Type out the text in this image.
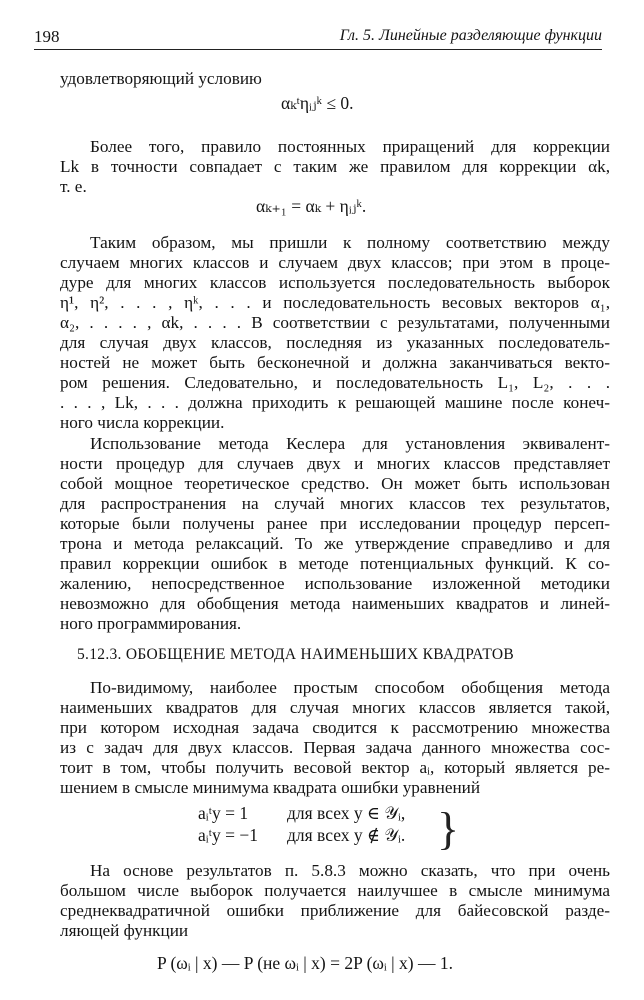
198	Гл. 5. Линейные разделяющие функции
удовлетворяющий условию
αₖᵗηᵢⱼᵏ ≤ 0.
Более того, правило постоянных приращений для коррекции
Lk в точности совпадает с таким же правилом для коррекции αk,
т. е.
αₖ₊₁ = αₖ + ηᵢⱼᵏ.
Таким образом, мы пришли к полному соответствию между
случаем многих классов и случаем двух классов; при этом в проце-
дуре для многих классов используется последовательность выборок
η¹, η², . . . , ηᵏ, . . . и последовательность весовых векторов α₁,
α₂, . . . . , αk, . . . . В соответствии с результатами, полученными
для случая двух классов, последняя из указанных последователь-
ностей не может быть бесконечной и должна заканчиваться векто-
ром решения. Следовательно, и последовательность L₁, L₂, . . .
. . . , Lk, . . . должна приходить к решающей машине после конеч-
ного числа коррекции.
Использование метода Кеслера для установления эквивалент-
ности процедур для случаев двух и многих классов представляет
собой мощное теоретическое средство. Он может быть использован
для распространения на случай многих классов тех результатов,
которые были получены ранее при исследовании процедур персеп-
трона и метода релаксаций. То же утверждение справедливо и для
правил коррекции ошибок в методе потенциальных функций. К со-
жалению, непосредственное использование изложенной методики
невозможно для обобщения метода наименьших квадратов и линей-
ного программирования.
5.12.3. ОБОБЩЕНИЕ МЕТОДА НАИМЕНЬШИХ КВАДРАТОВ
По-видимому, наиболее простым способом обобщения метода
наименьших квадратов для случая многих классов является такой,
при котором исходная задача сводится к рассмотрению множества
из c задач для двух классов. Первая задача данного множества сос-
тоит в том, чтобы получить весовой вектор aᵢ, который является ре-
шением в смысле минимума квадрата ошибки уравнений
aᵢᵗy = 1 для всех y ∈ 𝒴ᵢ,
aᵢᵗy = −1 для всех y ∉ 𝒴ᵢ. }
На основе результатов п. 5.8.3 можно сказать, что при очень
большом числе выборок получается наилучшее в смысле минимума
среднеквадратичной ошибки приближение для байесовской разде-
ляющей функции
P (ωᵢ | x) — P (не ωᵢ | x) = 2P (ωᵢ | x) — 1.
